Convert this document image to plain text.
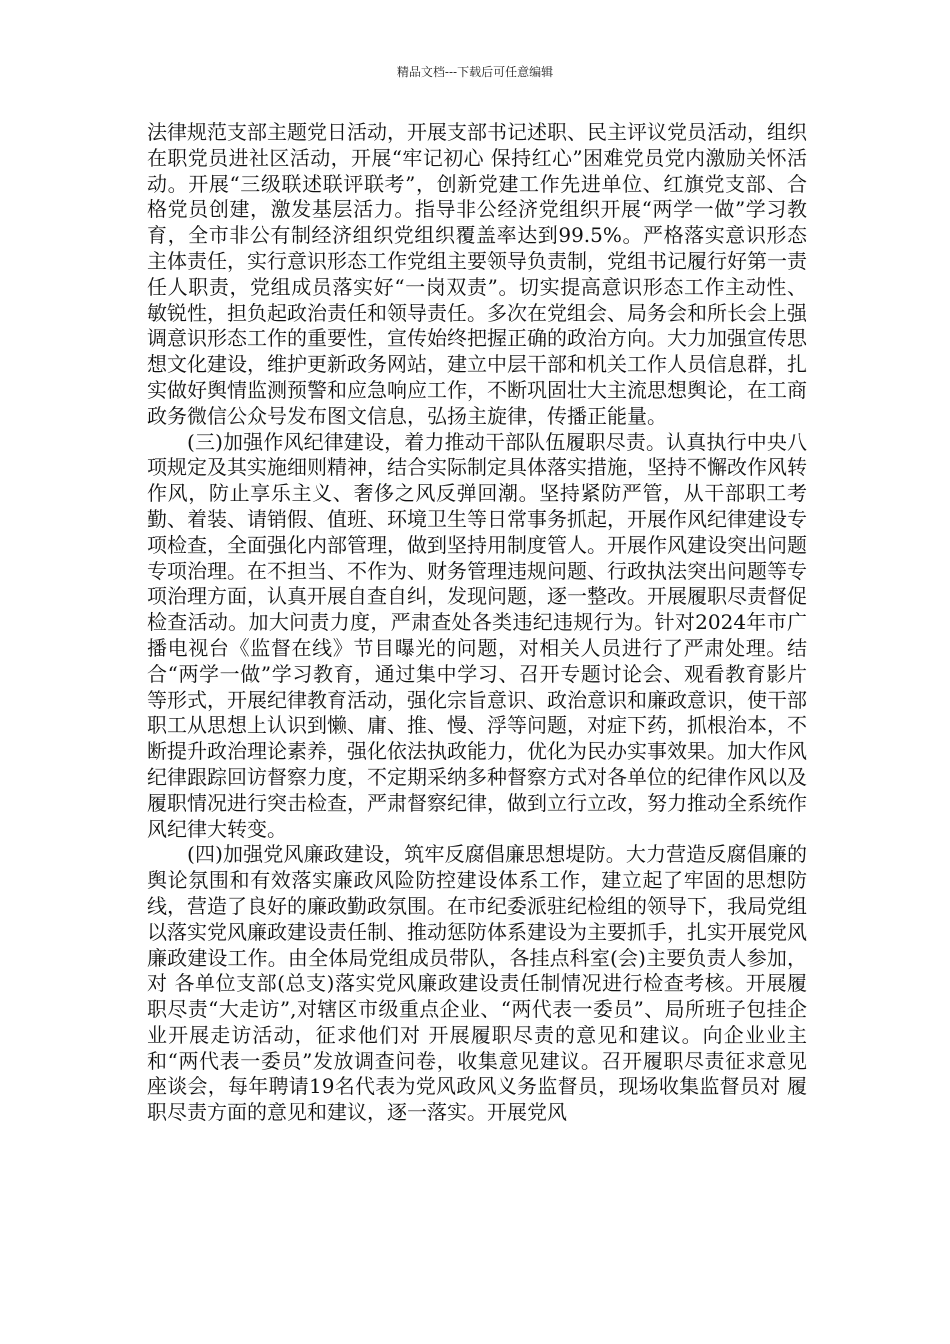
精品文档---下载后可任意编辑

法律规范支部主题党日活动，开展支部书记述职、民主评议党员活动，组织在职党员进社区活动，开展“牢记初心 保持红心”困难党员党内激励关怀活动。开展“三级联述联评联考”，创新党建工作先进单位、红旗党支部、合格党员创建，激发基层活力。指导非公经济党组织开展“两学一做”学习教育，全市非公有制经济组织党组织覆盖率达到99.5%。严格落实意识形态主体责任，实行意识形态工作党组主要领导负责制，党组书记履行好第一责任人职责，党组成员落实好“一岗双责”。切实提高意识形态工作主动性、敏锐性，担负起政治责任和领导责任。多次在党组会、局务会和所长会上强调意识形态工作的重要性，宣传始终把握正确的政治方向。大力加强宣传思想文化建设，维护更新政务网站，建立中层干部和机关工作人员信息群，扎实做好舆情监测预警和应急响应工作，不断巩固壮大主流思想舆论，在工商政务微信公众号发布图文信息，弘扬主旋律，传播正能量。

(三)加强作风纪律建设，着力推动干部队伍履职尽责。认真执行中央八项规定及其实施细则精神，结合实际制定具体落实措施，坚持不懈改作风转作风，防止享乐主义、奢侈之风反弹回潮。坚持紧防严管，从干部职工考勤、着装、请销假、值班、环境卫生等日常事务抓起，开展作风纪律建设专项检查，全面强化内部管理，做到坚持用制度管人。开展作风建设突出问题专项治理。在不担当、不作为、财务管理违规问题、行政执法突出问题等专项治理方面，认真开展自查自纠，发现问题，逐一整改。开展履职尽责督促检查活动。加大问责力度，严肃查处各类违纪违规行为。针对2024年市广播电视台《监督在线》节目曝光的问题，对相关人员进行了严肃处理。结合“两学一做”学习教育，通过集中学习、召开专题讨论会、观看教育影片等形式，开展纪律教育活动，强化宗旨意识、政治意识和廉政意识，使干部职工从思想上认识到懒、庸、推、慢、浮等问题，对症下药，抓根治本，不断提升政治理论素养，强化依法执政能力，优化为民办实事效果。加大作风纪律跟踪回访督察力度，不定期采纳多种督察方式对各单位的纪律作风以及履职情况进行突击检查，严肃督察纪律，做到立行立改，努力推动全系统作风纪律大转变。

(四)加强党风廉政建设，筑牢反腐倡廉思想堤防。大力营造反腐倡廉的舆论氛围和有效落实廉政风险防控建设体系工作，建立起了牢固的思想防线，营造了良好的廉政勤政氛围。在市纪委派驻纪检组的领导下，我局党组以落实党风廉政建设责任制、推动惩防体系建设为主要抓手，扎实开展党风廉政建设工作。由全体局党组成员带队，各挂点科室(会)主要负责人参加，对 各单位支部(总支)落实党风廉政建设责任制情况进行检查考核。开展履职尽责“大走访”,对辖区市级重点企业、“两代表一委员”、局所班子包挂企业开展走访活动，征求他们对 开展履职尽责的意见和建议。向企业业主和“两代表一委员”发放调查问卷，收集意见建议。召开履职尽责征求意见座谈会，每年聘请19名代表为党风政风义务监督员，现场收集监督员对 履职尽责方面的意见和建议，逐一落实。开展党风
